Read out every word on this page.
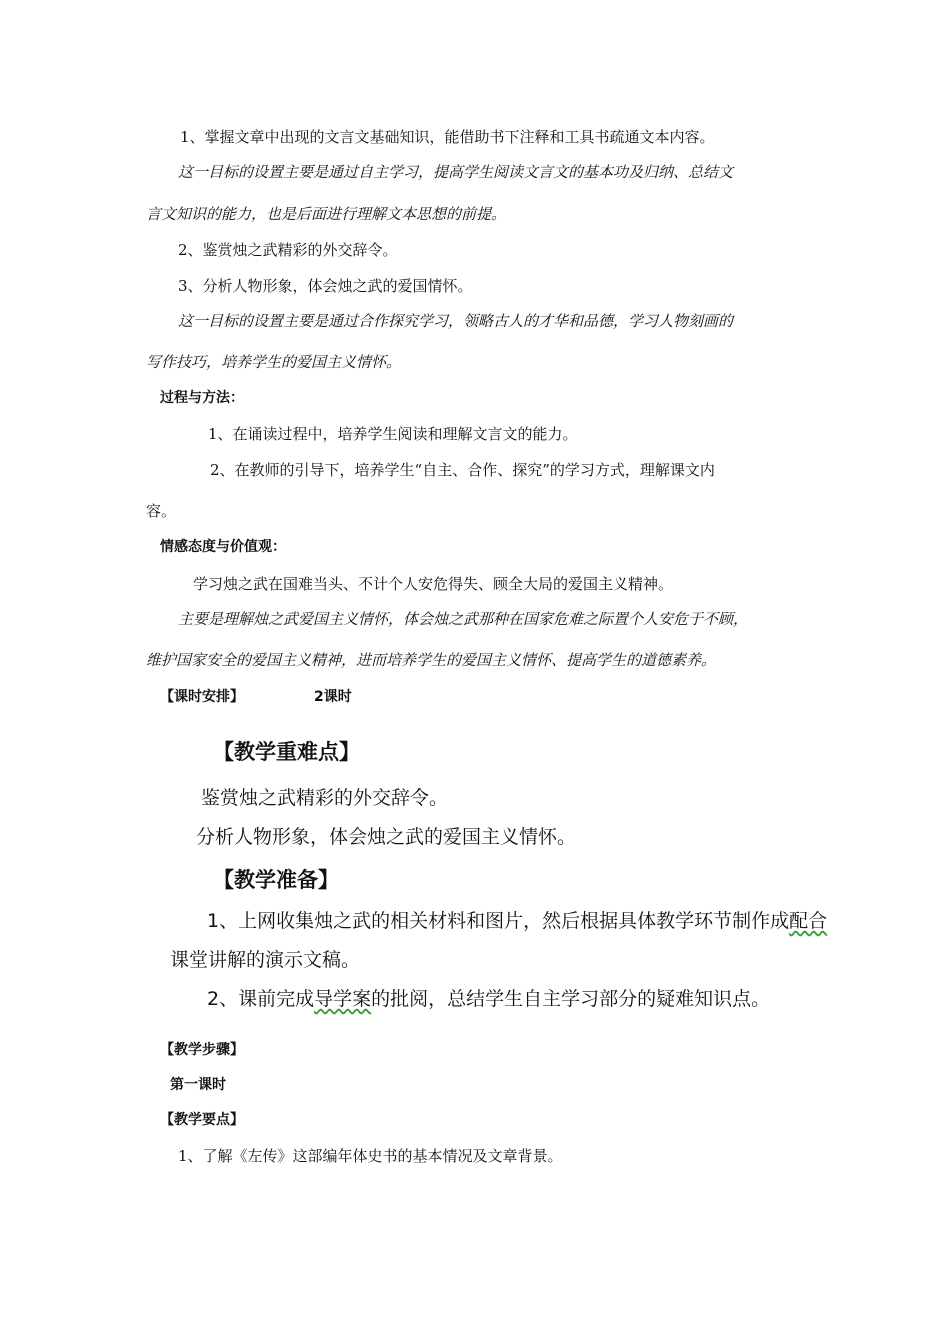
1、掌握文章中出现的文言文基础知识，能借助书下注释和工具书疏通文本内容。
这一目标的设置主要是通过自主学习，提高学生阅读文言文的基本功及归纳、总结文
言文知识的能力，也是后面进行理解文本思想的前提。
2、鉴赏烛之武精彩的外交辞令。
3、分析人物形象，体会烛之武的爱国情怀。
这一目标的设置主要是通过合作探究学习，领略古人的才华和品德，学习人物刻画的
写作技巧，培养学生的爱国主义情怀。
过程与方法：
1、在诵读过程中，培养学生阅读和理解文言文的能力。
2、在教师的引导下，培养学生“自主、合作、探究”的学习方式，理解课文内
容。
情感态度与价值观：
学习烛之武在国难当头、不计个人安危得失、顾全大局的爱国主义精神。
主要是理解烛之武爱国主义情怀，体会烛之武那种在国家危难之际置个人安危于不顾，
维护国家安全的爱国主义精神，进而培养学生的爱国主义情怀、提高学生的道德素养。
【课时安排】	2课时
【教学重难点】
鉴赏烛之武精彩的外交辞令。
分析人物形象，体会烛之武的爱国主义情怀。
【教学准备】
1、上网收集烛之武的相关材料和图片，然后根据具体教学环节制作成配合
课堂讲解的演示文稿。
2、课前完成导学案的批阅，总结学生自主学习部分的疑难知识点。
【教学步骤】
第一课时
【教学要点】
1、了解《左传》这部编年体史书的基本情况及文章背景。
